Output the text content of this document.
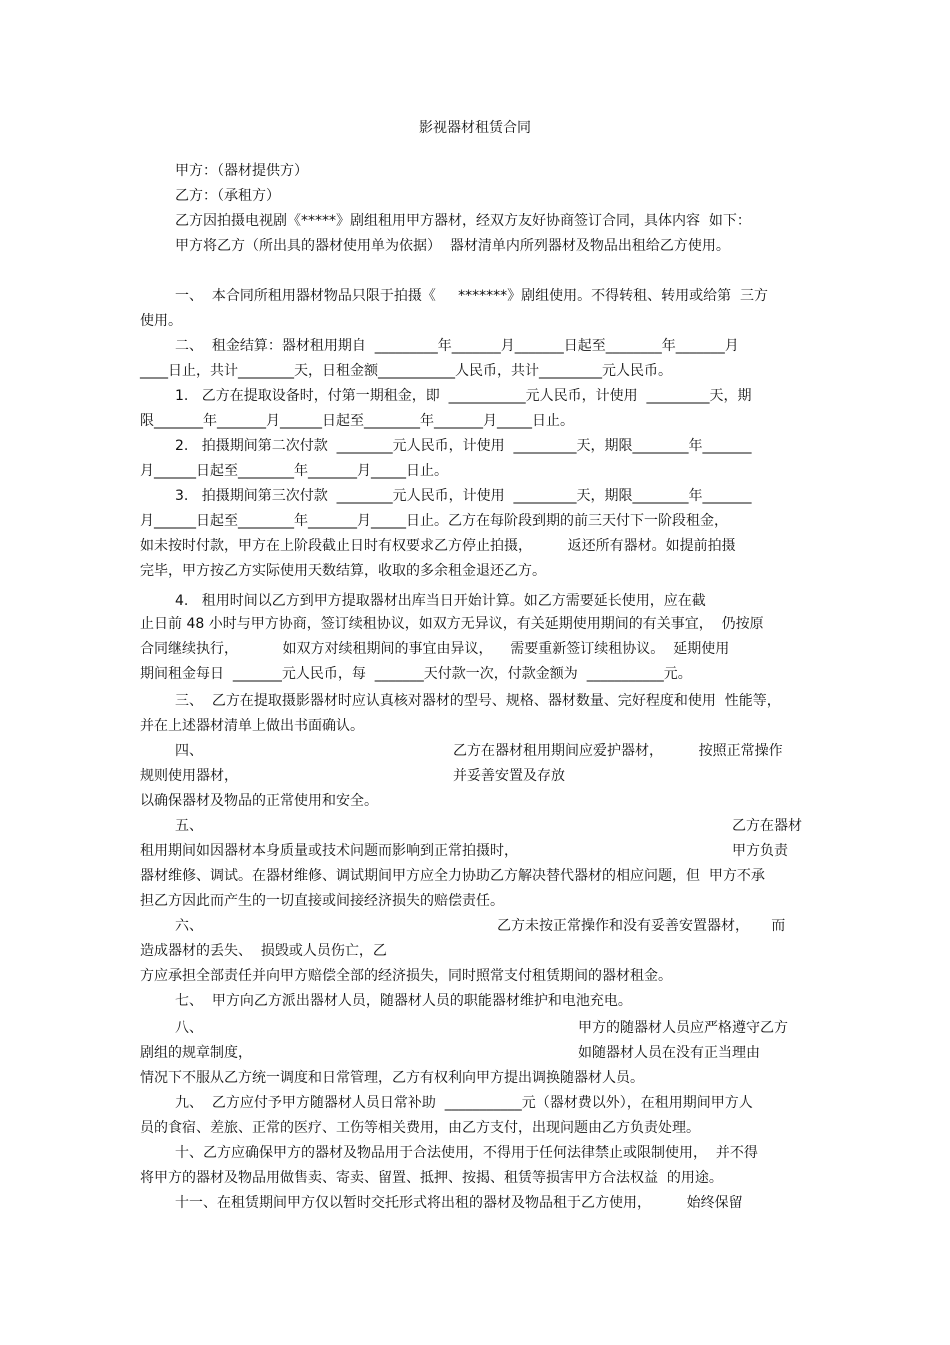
影视器材租赁合同
甲方：（器材提供方）
乙方：（承租方）
乙方因拍摄电视剧《*****》剧组租用甲方器材，经双方友好协商签订合同，具体内容  如下：
甲方将乙方（所出具的器材使用单为依据）  器材清单内所列器材及物品出租给乙方使用。
一、  本合同所租用器材物品只限于拍摄《     *******》剧组使用。不得转租、转用或给第  三方
使用。
二、  租金结算：器材租用期自  _________年_______月_______日起至________年_______月
____日止，共计________天，日租金额___________人民币，共计_________元人民币。
1.   乙方在提取设备时，付第一期租金，即  ___________元人民币，计使用  _________天，期
限_______年_______月______日起至________年_______月_____日止。
2.   拍摄期间第二次付款  ________元人民币，计使用  _________天，期限________年_______
月______日起至________年_______月_____日止。
3.   拍摄期间第三次付款  ________元人民币，计使用  _________天，期限________年_______
月______日起至________年_______月_____日止。乙方在每阶段到期的前三天付下一阶段租金，
如未按时付款，甲方在上阶段截止日时有权要求乙方停止拍摄，        返还所有器材。如提前拍摄
完毕，甲方按乙方实际使用天数结算，收取的多余租金退还乙方。
4.   租用时间以乙方到甲方提取器材出库当日开始计算。如乙方需要延长使用，应在截
止日前 48 小时与甲方协商，签订续租协议，如双方无异议，有关延期使用期间的有关事宜，  仍按原
合同继续执行，          如双方对续租期间的事宜由异议，    需要重新签订续租协议。  延期使用
期间租金每日  _______元人民币，每  _______天付款一次，付款金额为  ___________元。
三、  乙方在提取摄影器材时应认真核对器材的型号、规格、器材数量、完好程度和使用  性能等，
并在上述器材清单上做出书面确认。
四、	乙方在器材租用期间应爱护器材，        按照正常操作
规则使用器材，	并妥善安置及存放
以确保器材及物品的正常使用和安全。
五、	乙方在器材
租用期间如因器材本身质量或技术问题而影响到正常拍摄时，	甲方负责
器材维修、调试。在器材维修、调试期间甲方应全力协助乙方解决替代器材的相应问题，但  甲方不承
担乙方因此而产生的一切直接或间接经济损失的赔偿责任。
六、	乙方未按正常操作和没有妥善安置器材，     而
造成器材的丢失、  损毁或人员伤亡，乙
方应承担全部责任并向甲方赔偿全部的经济损失，同时照常支付租赁期间的器材租金。
七、  甲方向乙方派出器材人员，随器材人员的职能器材维护和电池充电。
八、	甲方的随器材人员应严格遵守乙方
剧组的规章制度，	如随器材人员在没有正当理由
情况下不服从乙方统一调度和日常管理，乙方有权利向甲方提出调换随器材人员。
九、  乙方应付予甲方随器材人员日常补助  ___________元（器材费以外），在租用期间甲方人
员的食宿、差旅、正常的医疗、工伤等相关费用，由乙方支付，出现问题由乙方负责处理。
十、乙方应确保甲方的器材及物品用于合法使用，不得用于任何法律禁止或限制使用，  并不得
将甲方的器材及物品用做售卖、寄卖、留置、抵押、按揭、租赁等损害甲方合法权益  的用途。
十一、在租赁期间甲方仅以暂时交托形式将出租的器材及物品租于乙方使用，        始终保留
